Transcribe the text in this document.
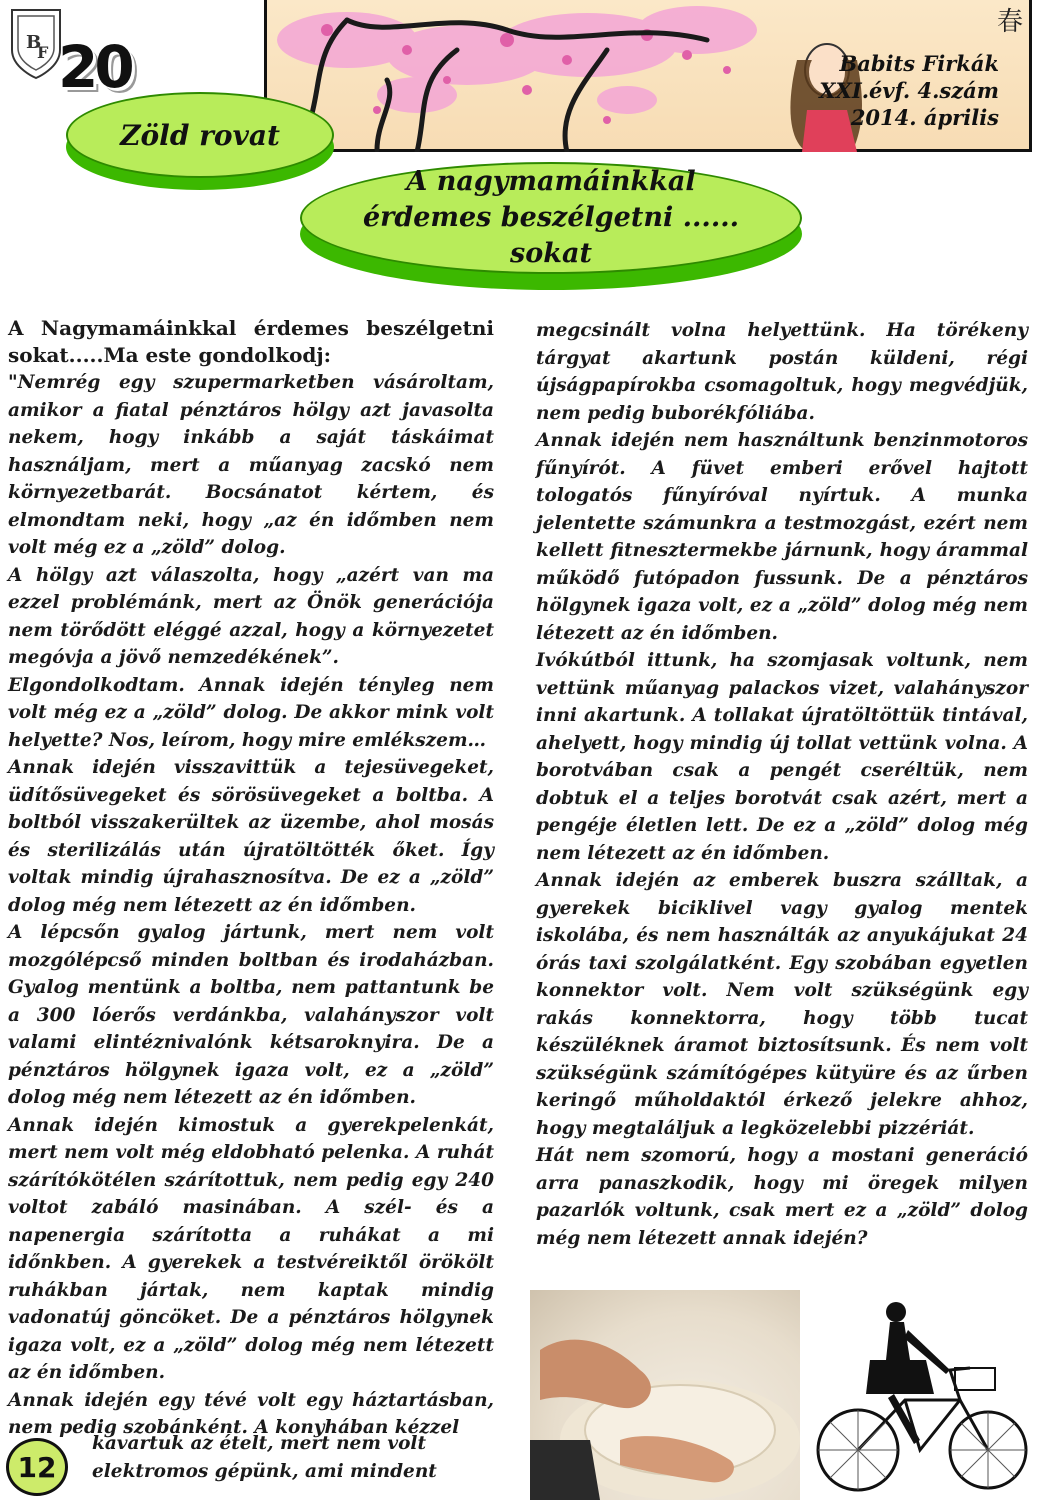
春
Babits Firkák
XXI.évf. 4.szám
2014. április
B
F 20
Zöld rovat
A nagymamáinkkal érdemes beszélgetni ...... sokat

A Nagymamáinkkal érdemes beszélgetni sokat.....Ma este gondolkodj:

"Nemrég egy szupermarketben vásároltam, amikor a fiatal pénztáros hölgy azt javasolta nekem, hogy inkább a saját táskáimat használjam, mert a műanyag zacskó nem környezetbarát. Bocsánatot kértem, és elmondtam neki, hogy „az én időmben nem volt még ez a „zöld” dolog.

A hölgy azt válaszolta, hogy „azért van ma ezzel problémánk, mert az Önök generációja nem törődött eléggé azzal, hogy a környezetet megóvja a jövő nemzedékének”.

Elgondolkodtam. Annak idején tényleg nem volt még ez a „zöld” dolog. De akkor mink volt helyette? Nos, leírom, hogy mire emlékszem…

Annak idején visszavittük a tejesüvegeket, üdítősüvegeket és sörösüvegeket a boltba. A boltból visszakerültek az üzembe, ahol mosás és sterilizálás után újratöltötték őket. Így voltak mindig újrahasznosítva. De ez a „zöld” dolog még nem létezett az én időmben.

A lépcsőn gyalog jártunk, mert nem volt mozgólépcső minden boltban és irodaházban. Gyalog mentünk a boltba, nem pattantunk be a 300 lóerős verdánkba, valahányszor volt valami elintéznivalónk kétsaroknyira. De a pénztáros hölgynek igaza volt, ez a „zöld” dolog még nem létezett az én időmben.

Annak idején kimostuk a gyerekpelenkát, mert nem volt még eldobható pelenka. A ruhát szárítókötélen szárítottuk, nem pedig egy 240 voltot zabáló masinában. A szél- és a napenergia szárította a ruhákat a mi időnkben. A gyerekek a testvéreiktől örökölt ruhákban jártak, nem kaptak mindig vadonatúj göncöket. De a pénztáros hölgynek igaza volt, ez a „zöld” dolog még nem létezett az én időmben.

Annak idején egy tévé volt egy háztartásban, nem pedig szobánként. A konyhában kézzel

kavartuk az ételt, mert nem volt elektromos gépünk, ami mindent

megcsinált volna helyettünk. Ha törékeny tárgyat akartunk postán küldeni, régi újságpapírokba csomagoltuk, hogy megvédjük, nem pedig buborékfóliába.

Annak idején nem használtunk benzinmotoros fűnyírót. A füvet emberi erővel hajtott tologatós fűnyíróval nyírtuk. A munka jelentette számunkra a testmozgást, ezért nem kellett fitnesztermekbe járnunk, hogy árammal működő futópadon fussunk. De a pénztáros hölgynek igaza volt, ez a „zöld” dolog még nem létezett az én időmben.

Ivókútból ittunk, ha szomjasak voltunk, nem vettünk műanyag palackos vizet, valahányszor inni akartunk. A tollakat újratöltöttük tintával, ahelyett, hogy mindig új tollat vettünk volna. A borotvában csak a pengét cseréltük, nem dobtuk el a teljes borotvát csak azért, mert a pengéje életlen lett. De ez a „zöld” dolog még nem létezett az én időmben.

Annak idején az emberek buszra szálltak, a gyerekek biciklivel vagy gyalog mentek iskolába, és nem használták az anyukájukat 24 órás taxi szolgálatként. Egy szobában egyetlen konnektor volt. Nem volt szükségünk egy rakás konnektorra, hogy több tucat készüléknek áramot biztosítsunk. És nem volt szükségünk számítógépes kütyüre és az űrben keringő műholdaktól érkező jelekre ahhoz, hogy megtaláljuk a legközelebbi pizzériát.

Hát nem szomorú, hogy a mostani generáció arra panaszkodik, hogy mi öregek milyen pazarlók voltunk, csak mert ez a „zöld” dolog még nem létezett annak idején?

12
